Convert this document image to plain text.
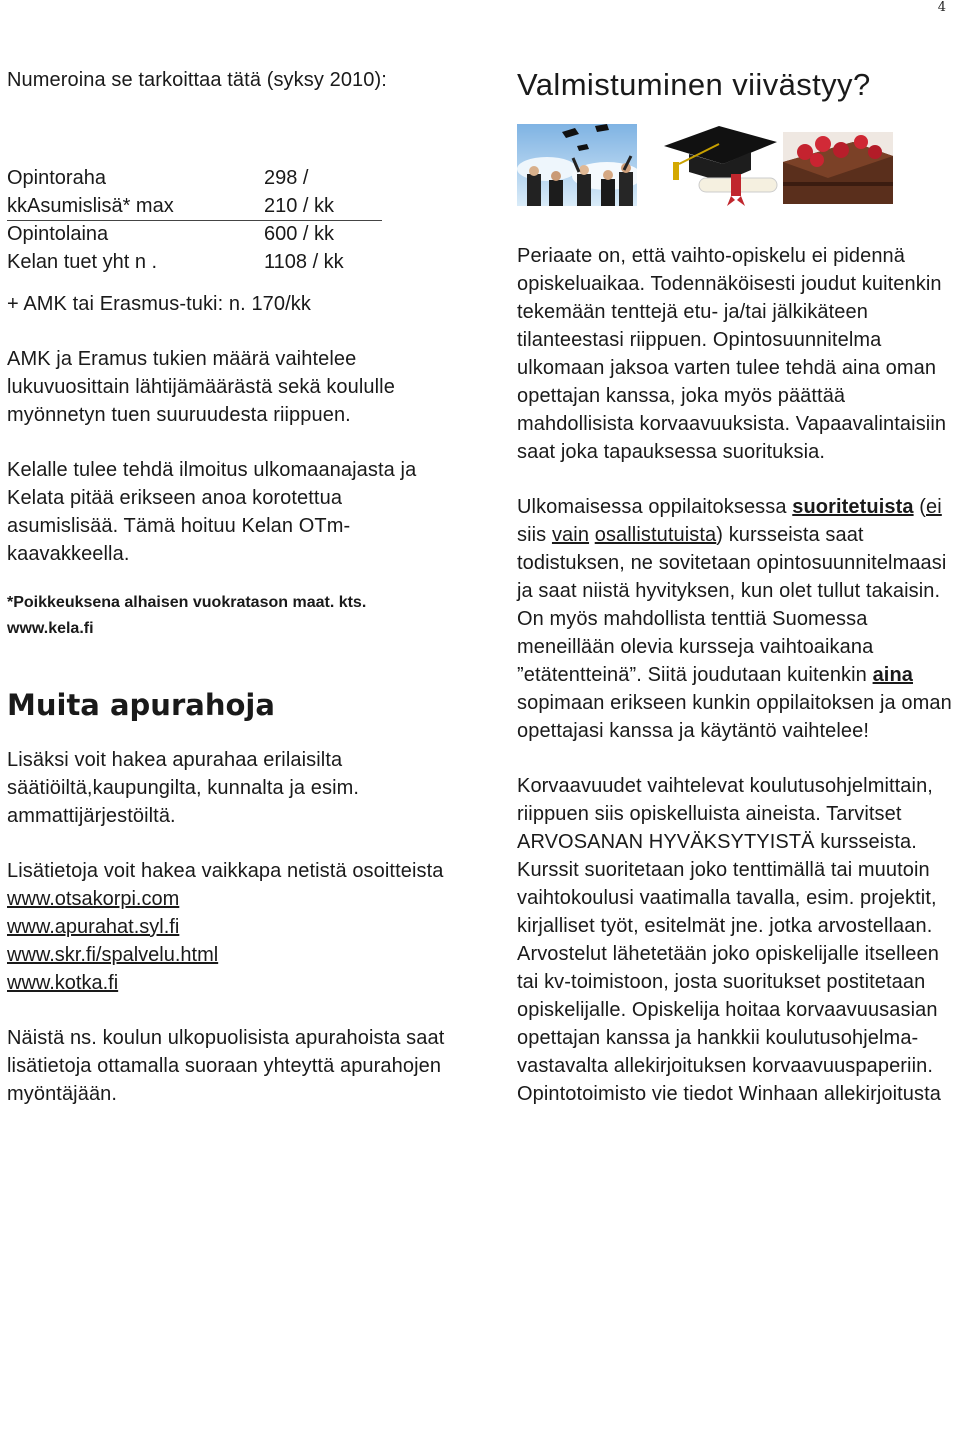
4

Numeroina se tarkoittaa tätä (syksy 2010):

Opintoraha	298 /
kkAsumislisä* max	210 / kk
Opintolaina	600 / kk
Kelan tuet yht n .	1108 / kk

+ AMK tai Erasmus-tuki: n. 170/kk

AMK ja Eramus tukien määrä vaihtelee lukuvuosittain lähtijämäärästä sekä koululle myönnetyn tuen suuruudesta riippuen.

Kelalle tulee tehdä ilmoitus ulkomaanajasta ja Kelata pitää erikseen anoa korotettua asumislisää. Tämä hoituu Kelan OTm-kaavakkeella.

*Poikkeuksena alhaisen vuokratason maat. kts. www.kela.fi

Muita apurahoja

Lisäksi voit hakea apurahaa erilaisilta säätiöiltä,kaupungilta, kunnalta ja esim. ammattijärjestöiltä.

Lisätietoja voit hakea vaikkapa netistä osoitteista

www.otsakorpi.com
www.apurahat.syl.fi
www.skr.fi/spalvelu.html
www.kotka.fi

Näistä ns. koulun ulkopuolisista apurahoista saat lisätietoja ottamalla suoraan yhteyttä apurahojen myöntäjään.

Valmistuminen viivästyy?

Periaate on, että vaihto-opiskelu ei pidennä opiskeluaikaa. Todennäköisesti joudut kuitenkin tekemään tenttejä etu- ja/tai jälkikäteen tilanteestasi riippuen. Opintosuunnitelma ulkomaan jaksoa varten tulee tehdä aina oman opettajan kanssa, joka myös päättää mahdollisista korvaavuuksista. Vapaavalintaisiin saat joka tapauksessa suorituksia.

Ulkomaisessa oppilaitoksessa suoritetuista (ei siis vain osallistutuista) kursseista saat todistuksen, ne sovitetaan opintosuunnitelmaasi ja saat niistä hyvityksen, kun olet tullut takaisin. On myös mahdollista tenttiä Suomessa meneillään olevia kursseja vaihtoaikana ”etätentteinä”. Siitä joudutaan kuitenkin aina sopimaan erikseen kunkin oppilaitoksen ja oman opettajasi kanssa ja käytäntö vaihtelee!

Korvaavuudet vaihtelevat koulutusohjelmittain, riippuen siis opiskelluista aineista. Tarvitset ARVOSANAN HYVÄKSYTYISTÄ kursseista. Kurssit suoritetaan joko tenttimällä tai muutoin vaihtokoulusi vaatimalla tavalla, esim. projektit, kirjalliset työt, esitelmät jne. jotka arvostellaan. Arvostelut lähetetään joko opiskelijalle itselleen tai kv-toimistoon, josta suoritukset postitetaan opiskelijalle. Opiskelija hoitaa korvaavuusasian opettajan kanssa ja hankkii koulutusohjelma-vastavalta allekirjoituksen korvaavuuspaperiin. Opintotoimisto vie tiedot Winhaan allekirjoitusta
